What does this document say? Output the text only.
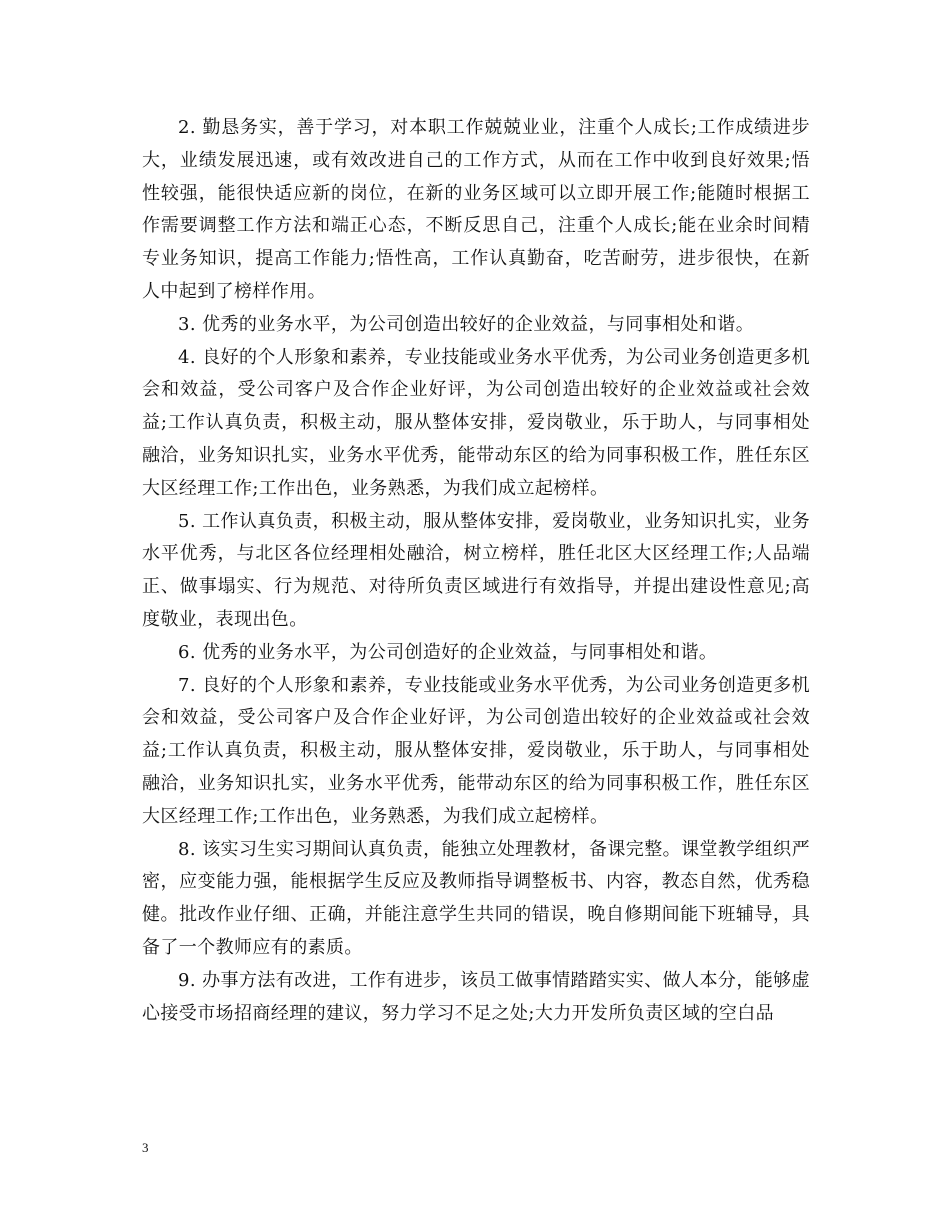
2. 勤恳务实，善于学习，对本职工作兢兢业业，注重个人成长;工作成绩进步大，业绩发展迅速，或有效改进自己的工作方式，从而在工作中收到良好效果;悟性较强，能很快适应新的岗位，在新的业务区域可以立即开展工作;能随时根据工作需要调整工作方法和端正心态，不断反思自己，注重个人成长;能在业余时间精专业务知识，提高工作能力;悟性高，工作认真勤奋，吃苦耐劳，进步很快，在新人中起到了榜样作用。

3. 优秀的业务水平，为公司创造出较好的企业效益，与同事相处和谐。

4. 良好的个人形象和素养，专业技能或业务水平优秀，为公司业务创造更多机会和效益，受公司客户及合作企业好评，为公司创造出较好的企业效益或社会效益;工作认真负责，积极主动，服从整体安排，爱岗敬业，乐于助人，与同事相处融洽，业务知识扎实，业务水平优秀，能带动东区的给为同事积极工作，胜任东区大区经理工作;工作出色，业务熟悉，为我们成立起榜样。

5. 工作认真负责，积极主动，服从整体安排，爱岗敬业，业务知识扎实，业务水平优秀，与北区各位经理相处融洽，树立榜样，胜任北区大区经理工作;人品端正、做事塌实、行为规范、对待所负责区域进行有效指导，并提出建设性意见;高度敬业，表现出色。

6. 优秀的业务水平，为公司创造好的企业效益，与同事相处和谐。

7. 良好的个人形象和素养，专业技能或业务水平优秀，为公司业务创造更多机会和效益，受公司客户及合作企业好评，为公司创造出较好的企业效益或社会效益;工作认真负责，积极主动，服从整体安排，爱岗敬业，乐于助人，与同事相处融洽，业务知识扎实，业务水平优秀，能带动东区的给为同事积极工作，胜任东区大区经理工作;工作出色，业务熟悉，为我们成立起榜样。

8. 该实习生实习期间认真负责，能独立处理教材，备课完整。课堂教学组织严密，应变能力强，能根据学生反应及教师指导调整板书、内容，教态自然，优秀稳健。批改作业仔细、正确，并能注意学生共同的错误，晚自修期间能下班辅导，具备了一个教师应有的素质。

9. 办事方法有改进，工作有进步，该员工做事情踏踏实实、做人本分，能够虚心接受市场招商经理的建议，努力学习不足之处;大力开发所负责区域的空白品

3
